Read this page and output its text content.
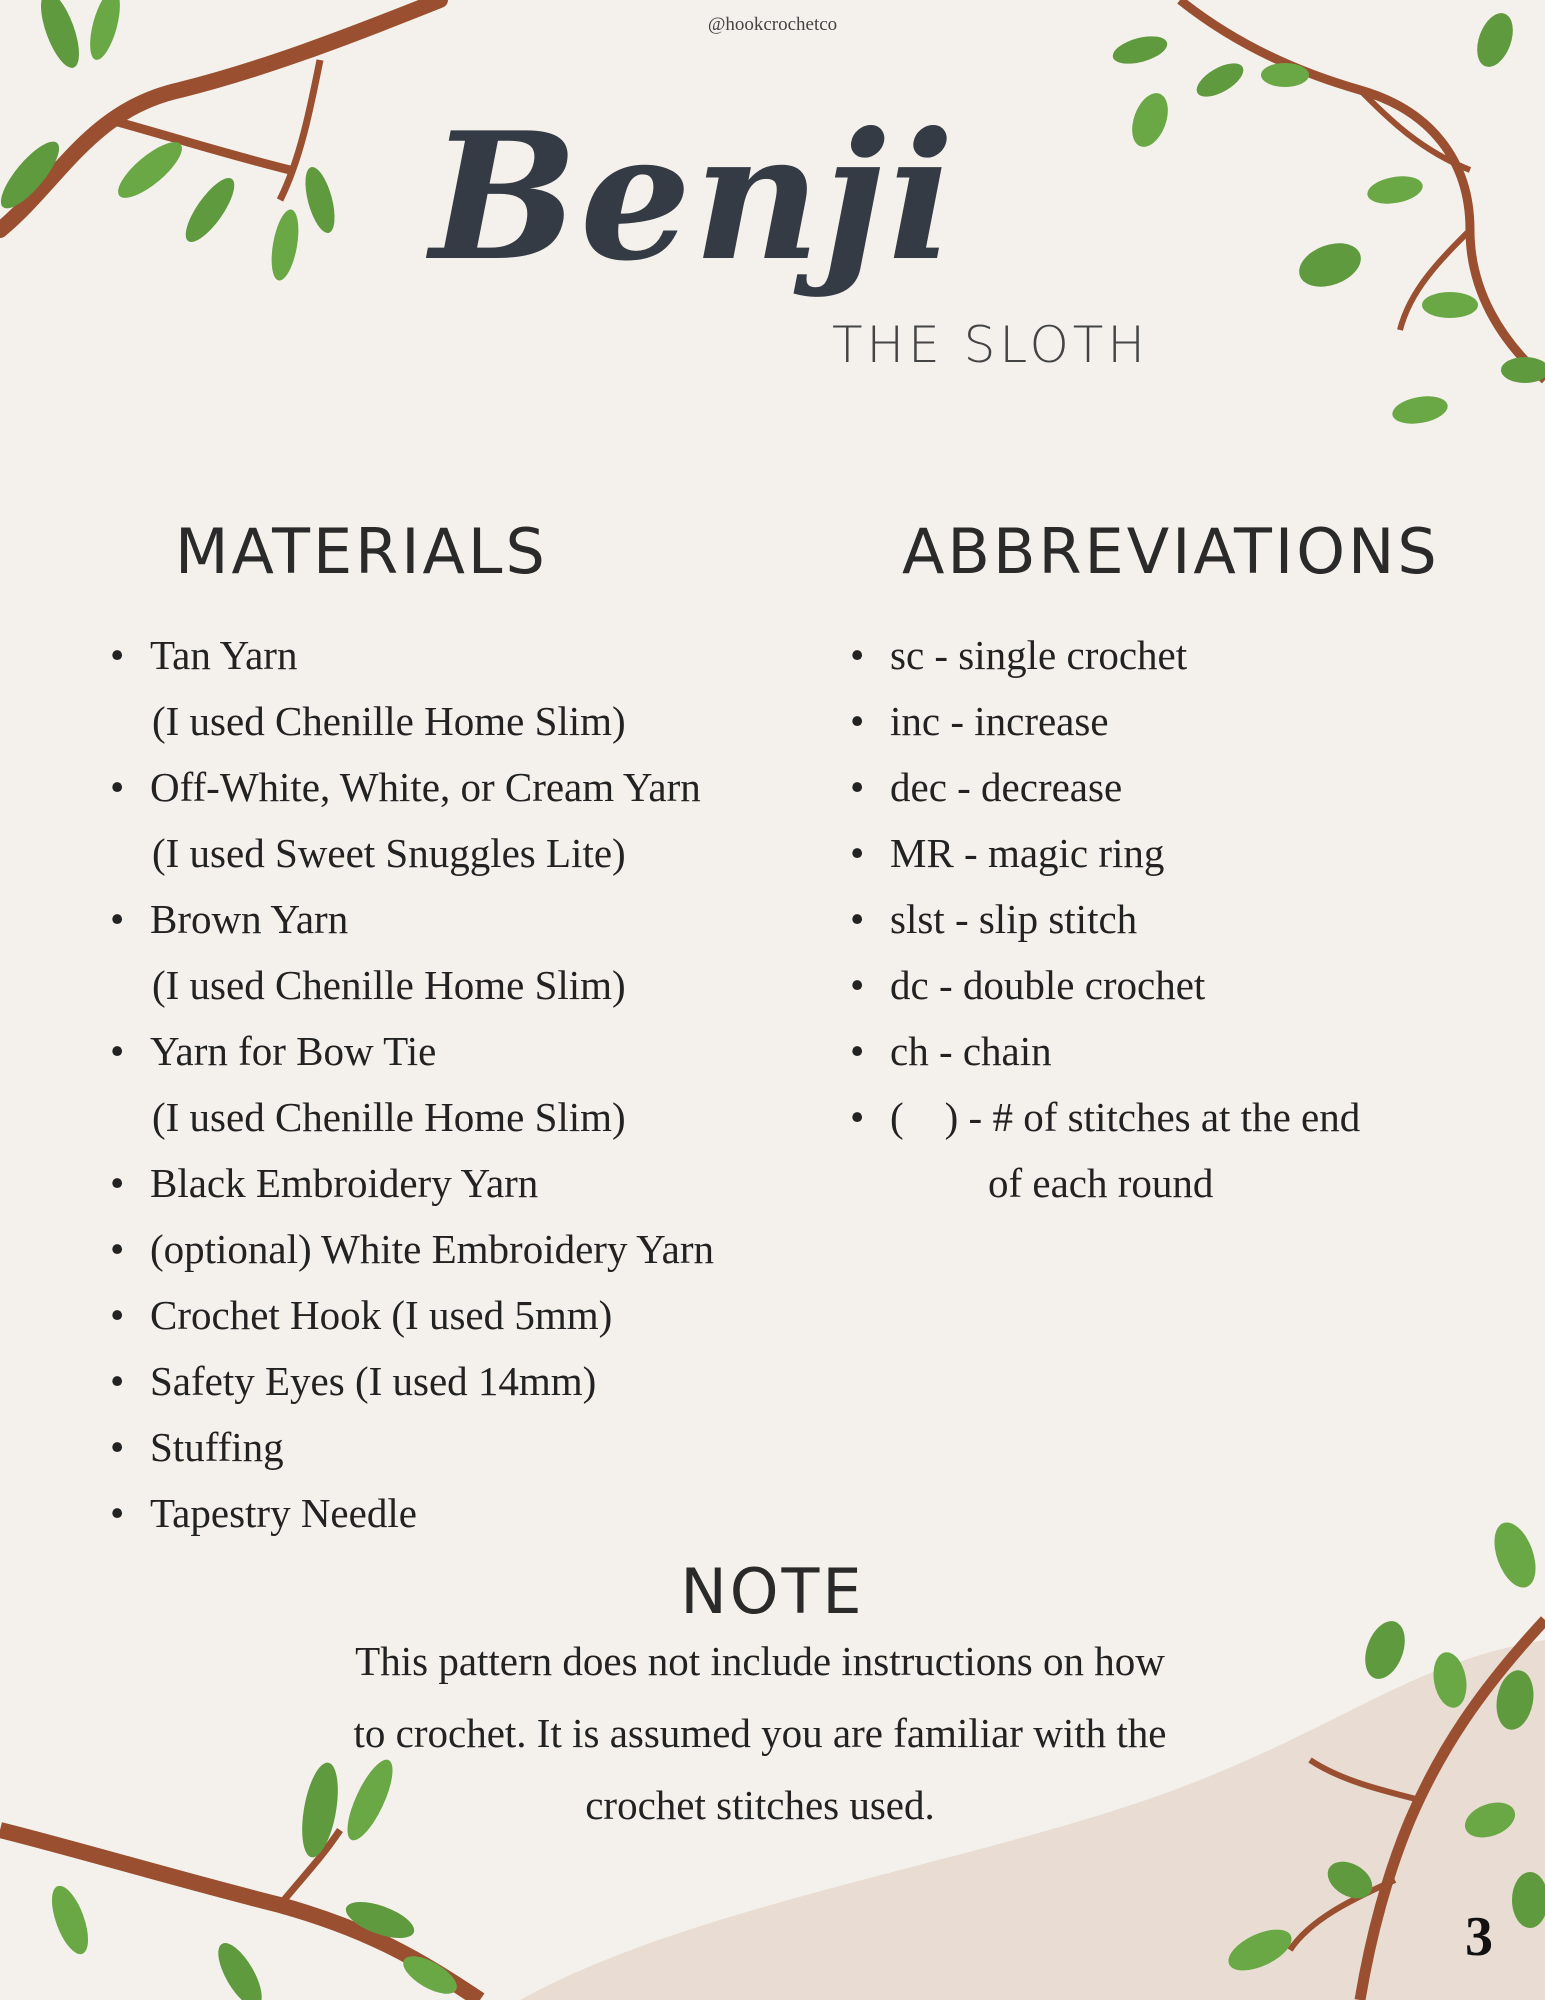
@hookcrochetco
Benji
THE SLOTH
MATERIALS	ABBREVIATIONS
• Tan Yarn
(I used Chenille Home Slim)
• Off-White, White, or Cream Yarn
(I used Sweet Snuggles Lite)
• Brown Yarn
(I used Chenille Home Slim)
• Yarn for Bow Tie
(I used Chenille Home Slim)
• Black Embroidery Yarn
• (optional) White Embroidery Yarn
• Crochet Hook (I used 5mm)
• Safety Eyes (I used 14mm)
• Stuffing
• Tapestry Needle
• sc - single crochet
• inc - increase
• dec - decrease
• MR - magic ring
• slst - slip stitch
• dc - double crochet
• ch - chain
• (    ) - # of stitches at the end
of each round
NOTE
This pattern does not include instructions on how
to crochet. It is assumed you are familiar with the
crochet stitches used.
3
